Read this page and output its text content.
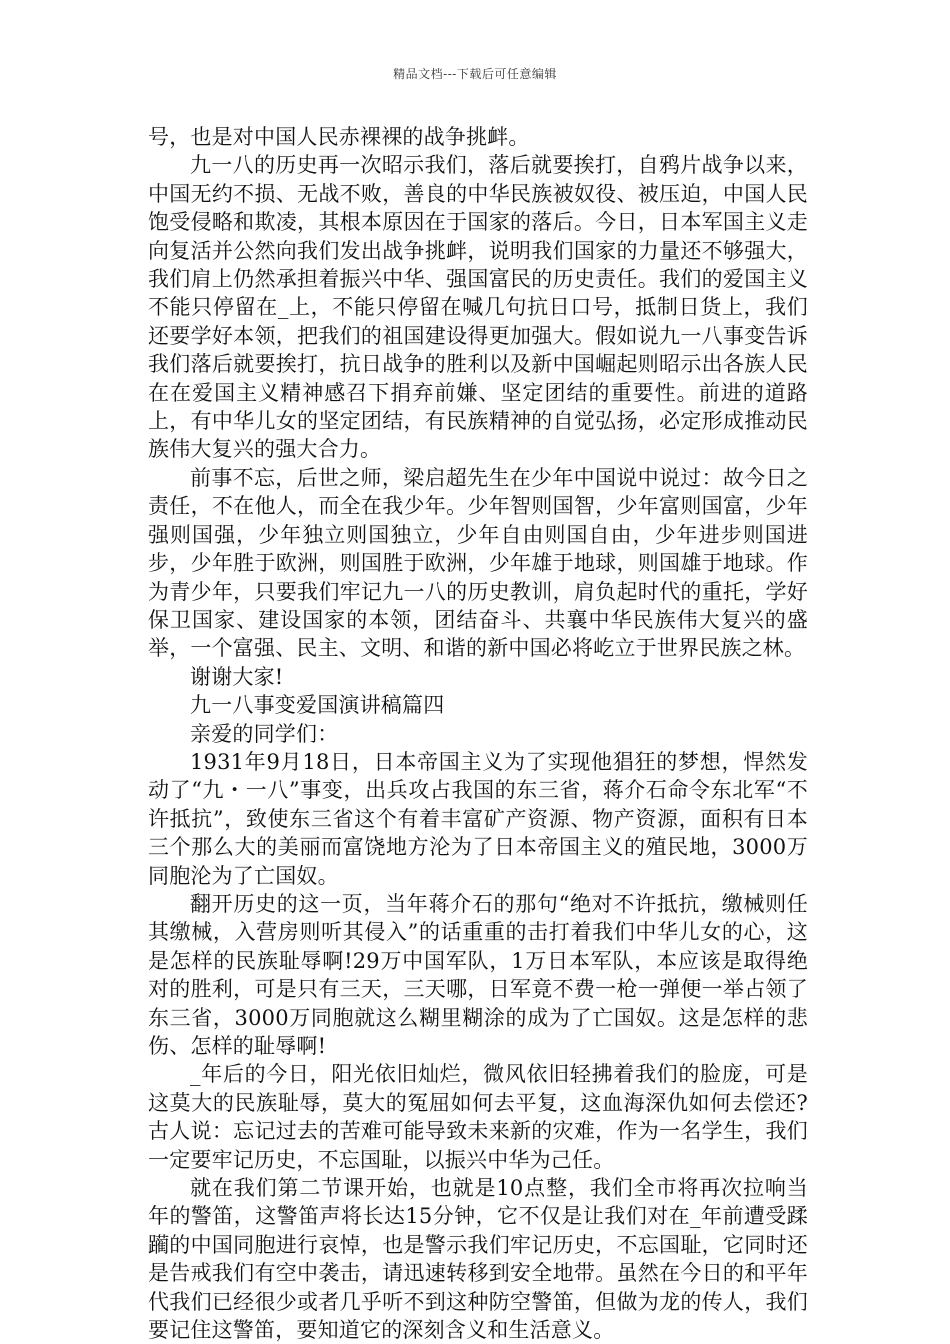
精品文档---下载后可任意编辑

号，也是对中国人民赤裸裸的战争挑衅。

九一八的历史再一次昭示我们，落后就要挨打，自鸦片战争以来，中国无约不损、无战不败，善良的中华民族被奴役、被压迫，中国人民饱受侵略和欺凌，其根本原因在于国家的落后。今日，日本军国主义走向复活并公然向我们发出战争挑衅，说明我们国家的力量还不够强大，我们肩上仍然承担着振兴中华、强国富民的历史责任。我们的爱国主义不能只停留在_上，不能只停留在喊几句抗日口号，抵制日货上，我们还要学好本领，把我们的祖国建设得更加强大。假如说九一八事变告诉我们落后就要挨打，抗日战争的胜利以及新中国崛起则昭示出各族人民在在爱国主义精神感召下捐弃前嫌、坚定团结的重要性。前进的道路上，有中华儿女的坚定团结，有民族精神的自觉弘扬，必定形成推动民族伟大复兴的强大合力。

前事不忘，后世之师，梁启超先生在少年中国说中说过：故今日之责任，不在他人，而全在我少年。少年智则国智，少年富则国富，少年强则国强，少年独立则国独立，少年自由则国自由，少年进步则国进步，少年胜于欧洲，则国胜于欧洲，少年雄于地球，则国雄于地球。作为青少年，只要我们牢记九一八的历史教训，肩负起时代的重托，学好保卫国家、建设国家的本领，团结奋斗、共襄中华民族伟大复兴的盛举，一个富强、民主、文明、和谐的新中国必将屹立于世界民族之林。

谢谢大家!

九一八事变爱国演讲稿篇四

亲爱的同学们：

1931年9月18日，日本帝国主义为了实现他猖狂的梦想，悍然发动了“九・一八”事变，出兵攻占我国的东三省，蒋介石命令东北军“不许抵抗”，致使东三省这个有着丰富矿产资源、物产资源，面积有日本三个那么大的美丽而富饶地方沦为了日本帝国主义的殖民地，3000万同胞沦为了亡国奴。

翻开历史的这一页，当年蒋介石的那句“绝对不许抵抗，缴械则任其缴械，入营房则听其侵入”的话重重的击打着我们中华儿女的心，这是怎样的民族耻辱啊!29万中国军队，1万日本军队，本应该是取得绝对的胜利，可是只有三天，三天哪，日军竟不费一枪一弹便一举占领了东三省，3000万同胞就这么糊里糊涂的成为了亡国奴。这是怎样的悲伤、怎样的耻辱啊!

_年后的今日，阳光依旧灿烂，微风依旧轻拂着我们的脸庞，可是这莫大的民族耻辱，莫大的冤屈如何去平复，这血海深仇如何去偿还?古人说：忘记过去的苦难可能导致未来新的灾难，作为一名学生，我们一定要牢记历史，不忘国耻，以振兴中华为己任。

就在我们第二节课开始，也就是10点整，我们全市将再次拉响当年的警笛，这警笛声将长达15分钟，它不仅是让我们对在_年前遭受蹂躏的中国同胞进行哀悼，也是警示我们牢记历史，不忘国耻，它同时还是告戒我们有空中袭击，请迅速转移到安全地带。虽然在今日的和平年代我们已经很少或者几乎听不到这种防空警笛，但做为龙的传人，我们要记住这警笛，要知道它的深刻含义和生活意义。
